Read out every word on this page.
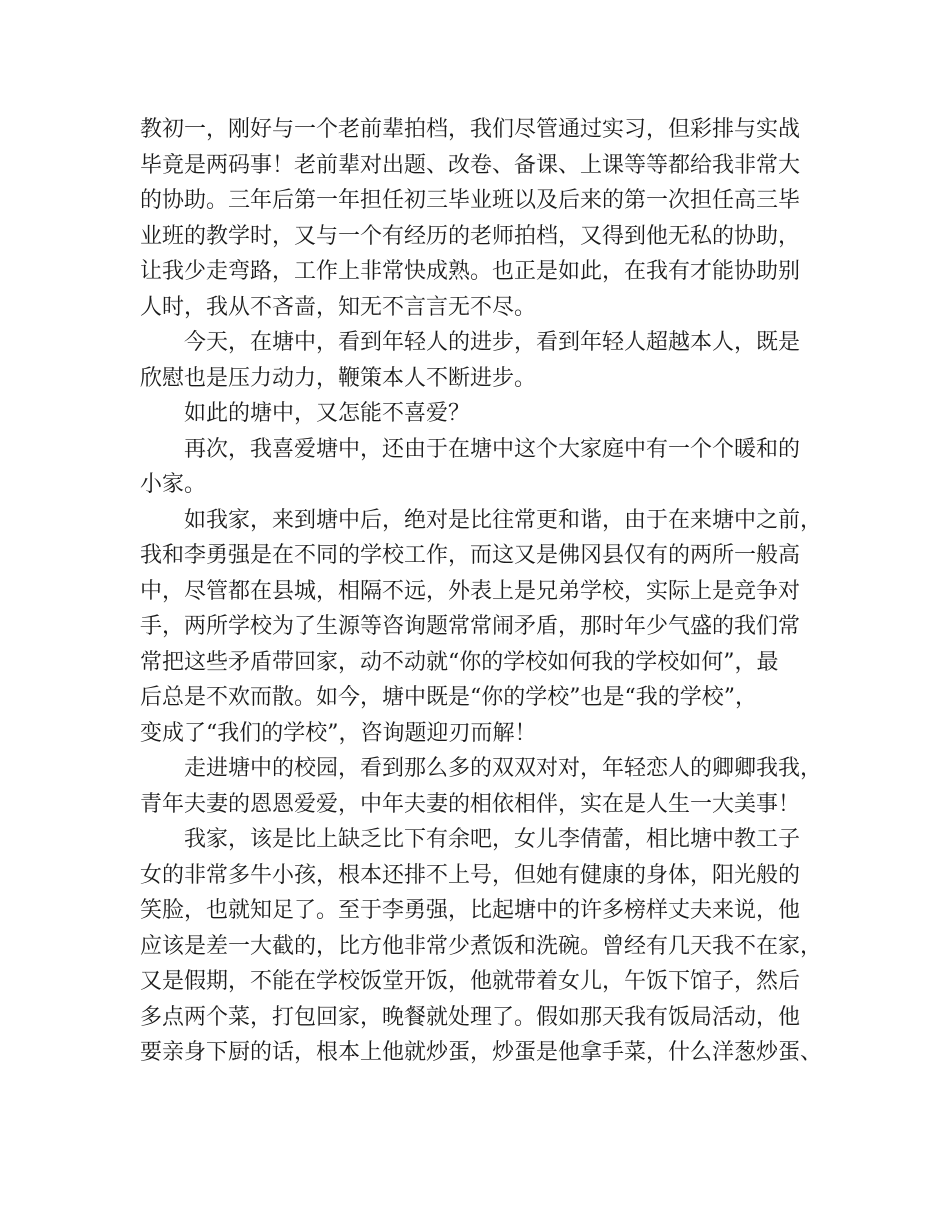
教初一，刚好与一个老前辈拍档，我们尽管通过实习，但彩排与实战
毕竟是两码事！老前辈对出题、改卷、备课、上课等等都给我非常大
的协助。三年后第一年担任初三毕业班以及后来的第一次担任高三毕
业班的教学时，又与一个有经历的老师拍档，又得到他无私的协助，
让我少走弯路，工作上非常快成熟。也正是如此，在我有才能协助别
人时，我从不吝啬，知无不言言无不尽。
今天，在塘中，看到年轻人的进步，看到年轻人超越本人，既是
欣慰也是压力动力，鞭策本人不断进步。
如此的塘中，又怎能不喜爱？
再次，我喜爱塘中，还由于在塘中这个大家庭中有一个个暖和的
小家。
如我家，来到塘中后，绝对是比往常更和谐，由于在来塘中之前，
我和李勇强是在不同的学校工作，而这又是佛冈县仅有的两所一般高
中，尽管都在县城，相隔不远，外表上是兄弟学校，实际上是竞争对
手，两所学校为了生源等咨询题常常闹矛盾，那时年少气盛的我们常
常把这些矛盾带回家，动不动就“你的学校如何我的学校如何”，最
后总是不欢而散。如今，塘中既是“你的学校”也是“我的学校”，
变成了“我们的学校”，咨询题迎刃而解！
走进塘中的校园，看到那么多的双双对对，年轻恋人的卿卿我我，
青年夫妻的恩恩爱爱，中年夫妻的相依相伴，实在是人生一大美事！
我家，该是比上缺乏比下有余吧，女儿李倩蕾，相比塘中教工子
女的非常多牛小孩，根本还排不上号，但她有健康的身体，阳光般的
笑脸，也就知足了。至于李勇强，比起塘中的许多榜样丈夫来说，他
应该是差一大截的，比方他非常少煮饭和洗碗。曾经有几天我不在家，
又是假期，不能在学校饭堂开饭，他就带着女儿，午饭下馆子，然后
多点两个菜，打包回家，晚餐就处理了。假如那天我有饭局活动，他
要亲身下厨的话，根本上他就炒蛋，炒蛋是他拿手菜，什么洋葱炒蛋、
